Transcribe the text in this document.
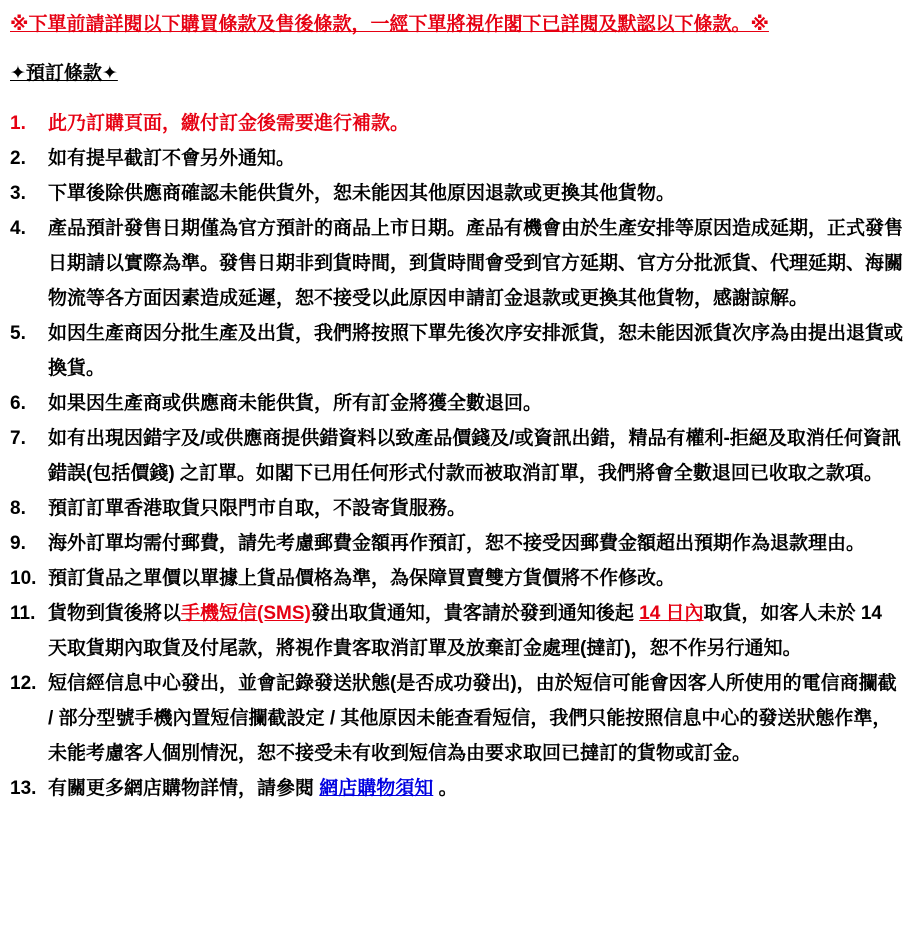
※下單前請詳閱以下購買條款及售後條款，一經下單將視作閣下已詳閱及默認以下條款。※
✦預訂條款✦
1.	此乃訂購頁面，繳付訂金後需要進行補款。
2.	如有提早截訂不會另外通知。
3.	下單後除供應商確認未能供貨外，恕未能因其他原因退款或更換其他貨物。
4.	產品預計發售日期僅為官方預計的商品上市日期。產品有機會由於生產安排等原因造成延期，正式發售日期請以實際為準。發售日期非到貨時間，到貨時間會受到官方延期、官方分批派貨、代理延期、海關物流等各方面因素造成延遲，恕不接受以此原因申請訂金退款或更換其他貨物，感謝諒解。
5.	如因生產商因分批生產及出貨，我們將按照下單先後次序安排派貨，恕未能因派貨次序為由提出退貨或換貨。
6.	如果因生產商或供應商未能供貨，所有訂金將獲全數退回。
7.	如有出現因錯字及/或供應商提供錯資料以致產品價錢及/或資訊出錯，精品有權利-拒絕及取消任何資訊錯誤(包括價錢) 之訂單。如閣下已用任何形式付款而被取消訂單，我們將會全數退回已收取之款項。
8.	預訂訂單香港取貨只限門市自取，不設寄貨服務。
9.	海外訂單均需付郵費，請先考慮郵費金額再作預訂，恕不接受因郵費金額超出預期作為退款理由。
10. 預訂貨品之單價以單據上貨品價格為準，為保障買賣雙方貨價將不作修改。
11. 貨物到貨後將以手機短信(SMS)發出取貨通知，貴客請於發到通知後起 14 日內取貨，如客人未於 14 天取貨期內取貨及付尾款，將視作貴客取消訂單及放棄訂金處理(撻訂)，恕不作另行通知。
12. 短信經信息中心發出，並會記錄發送狀態(是否成功發出)，由於短信可能會因客人所使用的電信商攔截 / 部分型號手機內置短信攔截設定 / 其他原因未能查看短信，我們只能按照信息中心的發送狀態作準，未能考慮客人個別情況，恕不接受未有收到短信為由要求取回已撻訂的貨物或訂金。
13. 有關更多網店購物詳情，請參閱 網店購物須知 。
